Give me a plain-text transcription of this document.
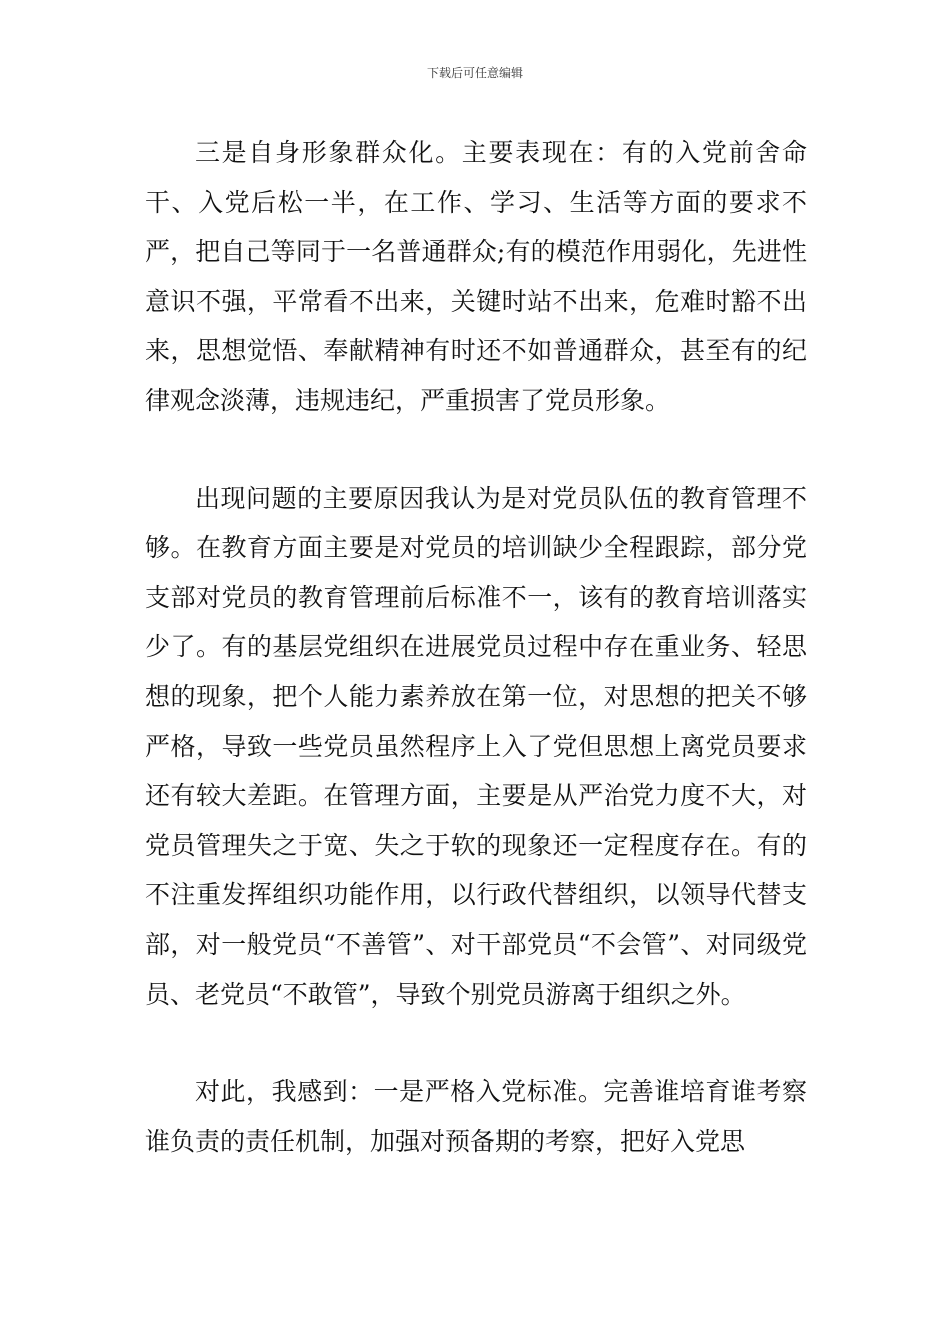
下载后可任意编辑

三是自身形象群众化。主要表现在：有的入党前舍命干、入党后松一半，在工作、学习、生活等方面的要求不严，把自己等同于一名普通群众;有的模范作用弱化，先进性意识不强，平常看不出来，关键时站不出来，危难时豁不出来，思想觉悟、奉献精神有时还不如普通群众，甚至有的纪律观念淡薄，违规违纪，严重损害了党员形象。

出现问题的主要原因我认为是对党员队伍的教育管理不够。在教育方面主要是对党员的培训缺少全程跟踪，部分党支部对党员的教育管理前后标准不一，该有的教育培训落实少了。有的基层党组织在进展党员过程中存在重业务、轻思想的现象，把个人能力素养放在第一位，对思想的把关不够严格，导致一些党员虽然程序上入了党但思想上离党员要求还有较大差距。在管理方面，主要是从严治党力度不大，对党员管理失之于宽、失之于软的现象还一定程度存在。有的不注重发挥组织功能作用，以行政代替组织，以领导代替支部，对一般党员“不善管”、对干部党员“不会管”、对同级党员、老党员“不敢管”，导致个别党员游离于组织之外。

对此，我感到：一是严格入党标准。完善谁培育谁考察谁负责的责任机制，加强对预备期的考察，把好入党思
